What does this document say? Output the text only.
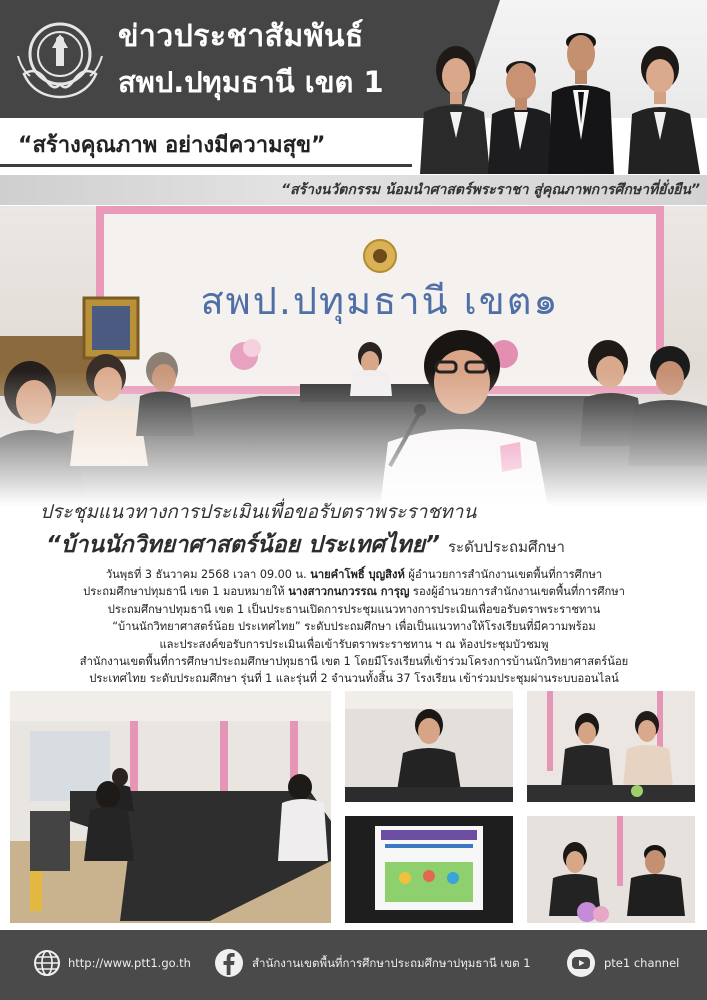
ข่าวประชาสัมพันธ์
สพป.ปทุมธานี เขต 1
“สร้างคุณภาพ อย่างมีความสุข”
“สร้างนวัตกรรม น้อมนำศาสตร์พระราชา สู่คุณภาพการศึกษาที่ยั่งยืน”
ประชุมแนวทางการประเมินเพื่อขอรับตราพระราชทาน
“บ้านนักวิทยาศาสตร์น้อย ประเทศไทย” ระดับประถมศึกษา
วันพุธที่ 3 ธันวาคม 2568 เวลา 09.00 น. นายคำโพธิ์ บุญสิงห์ ผู้อำนวยการสำนักงานเขตพื้นที่การศึกษา
ประถมศึกษาปทุมธานี เขต 1 มอบหมายให้ นางสาวกนกวรรณ การุญ รองผู้อำนวยการสำนักงานเขตพื้นที่การศึกษา
ประถมศึกษาปทุมธานี เขต 1 เป็นประธานเปิดการประชุมแนวทางการประเมินเพื่อขอรับตราพระราชทาน
“บ้านนักวิทยาศาสตร์น้อย ประเทศไทย” ระดับประถมศึกษา เพื่อเป็นแนวทางให้โรงเรียนที่มีความพร้อม
และประสงค์ขอรับการประเมินเพื่อเข้ารับตราพระราชทาน ฯ ณ ห้องประชุมบัวชมพู
สำนักงานเขตพื้นที่การศึกษาประถมศึกษาปทุมธานี เขต 1 โดยมีโรงเรียนที่เข้าร่วมโครงการบ้านนักวิทยาศาสตร์น้อย
ประเทศไทย ระดับประถมศึกษา รุ่นที่ 1 และรุ่นที่ 2 จำนวนทั้งสิ้น 37 โรงเรียน เข้าร่วมประชุมผ่านระบบออนไลน์
http://www.ptt1.go.th	สำนักงานเขตพื้นที่การศึกษาประถมศึกษาปทุมธานี เขต 1	pte1 channel
